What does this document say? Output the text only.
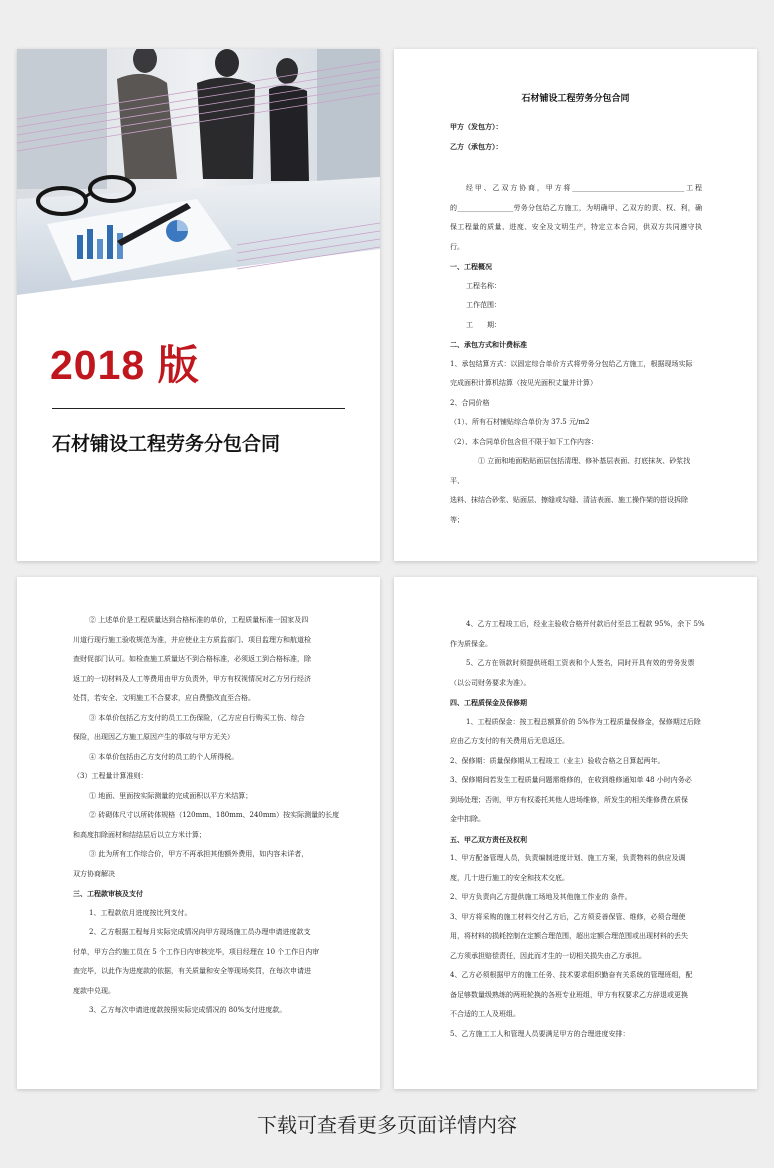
2018 版
石材铺设工程劳务分包合同
石材铺设工程劳务分包合同

甲方（发包方）：

乙方（承包方）：

经甲、乙双方协商，甲方将________________________________工程

的________________劳务分包给乙方施工，为明确甲、乙双方的责、权、利，确

保工程量的质量、进度、安全及文明生产，特定立本合同，供双方共同遵守执

行。

一、工程概况

工程名称：

工作范围：

工　　期：

二、承包方式和计费标准

1、承包结算方式：以固定综合单价方式将劳务分包给乙方施工，根据现场实际

完成面积计算机结算（按见光面积丈量并计算）

2、合同价格

（1）、所有石材铺贴综合单价为 37.5 元/m2

（2）、本合同单价包含但不限于如下工作内容：

① 立面和地面粘贴面层包括清理、修补基层表面、打底抹灰、砂浆找

平、

选料、抹结合砂浆、贴面层、擦缝或勾缝、清洁表面、施工操作架的搭设拆除

等；

② 上述单价是工程质量达到合格标准的单价，工程质量标准一国家及四

川道行现行施工验收规范为准，并应使业主方质监部门、项目监理方和航道检

查财促部门认可。如检查施工质量达不到合格标准，必须返工到合格标准，除

返工的一切材料及人工等费用由甲方负责外，甲方有权视情况对乙方另行经济

处罚，若安全、文明施工不合要求，应自费整改直至合格。

③ 本单价包括乙方支付的员工工伤保险，（乙方应自行购买工伤、综合

保险，出现因乙方施工原因产生的事故与甲方无关）

④ 本单价包括由乙方支付的员工的个人所得税。

（3）工程量计算准则：

① 地面、里面按实际测量的完成面积以平方米结算；

② 砖砌体尺寸以所砖体规格（120mm、180mm、240mm）按实际测量的长度

和高度扣除面材和结结层后以立方米计算；

③ 此为所有工作综合价，甲方不再承担其他额外费用，如内容未详者，

双方协商解决

三、工程款审核及支付

1、工程款依月进度按比列支付。

2、乙方根据工程每月实际完成情况向甲方现场施工员办理申请进度款支

付单，甲方合约施工员在 5 个工作日内审核完毕，项目经理在 10 个工作日内审

查完毕，以此作为进度款的依据，有关质量和安全等现场奖罚，在每次申请进

度款中兑现。

3、乙方每次申请进度款按照实际完成情况的 80%支付进度款。

4、乙方工程竣工后，经业主验收合格并付款后付至总工程款 95%，余下 5%

作为质保金。

5、乙方在领款时须提供班组工资表和个人签名，同时开具有效的劳务发票

（以公司财务要求为准）。

四、工程质保金及保修期

1、工程质保金：按工程总额算价的 5%作为工程质量保修金，保修期过后除

应由乙方支付的有关费用后无息返还。

2、保修期：质量保修期从工程竣工（业主）验收合格之日算起两年。

3、保修期间若发生工程质量问题需维修的，在收到维修通知单 48 小时内务必

到场处理；否则，甲方有权委托其他人进场维修，所发生的相关维修费在质保

金中扣除。

五、甲乙双方责任及权利

1、甲方配备管理人员，负责编制进度计划、施工方案，负责物料的供应及调

度，几十进行施工的安全和技术交底。

2、甲方负责向乙方提供施工场地及其他施工作业的 条件。

3、甲方将采购的施工材料交付乙方后，乙方须妥善保管、维修，必须合理使

用，将材料的损耗控制在定额合理范围，超出定额合理范围或出现材料的丢失

乙方须承担赔偿责任，因此而才生的一切相关损失由乙方承担。

4、乙方必须根据甲方的施工任务、技术要求组织勤奋有关系统的管理班组，配

备足够数量级熟练的两班轮换的各班专业班组，甲方有权要求乙方辞退或更换

不合适的工人及班组。

5、乙方施工工人和管理人员要满足甲方的合理进度安排：

下载可查看更多页面详情内容
